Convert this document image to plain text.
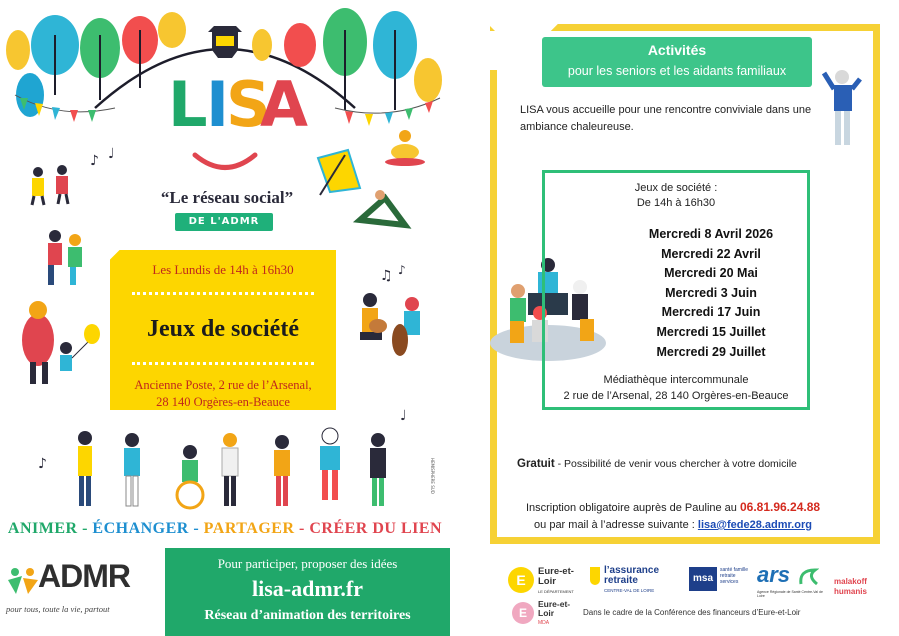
♪ ♩
♫ ♪
♪
♩
L
I
S
A
“Le réseau social”
DE L'ADMR
Les Lundis de 14h à 16h30
Jeux de société
Ancienne Poste, 2 rue de l’Arsenal,
28 140 Orgères-en-Beauce
HEMISPHERE SUD
ANIMER - ÉCHANGER - PARTAGER - CRÉER DU LIEN
ADMR
pour tous, toute la vie, partout
Pour participer, proposer des idées
lisa-admr.fr
Réseau d’animation des territoires
Activités
pour les seniors et les aidants familiaux
LISA vous accueille pour une rencontre conviviale dans une ambiance chaleureuse.
Jeux de société :
De 14h à 16h30
Mercredi 8 Avril 2026
Mercredi 22 Avril
Mercredi 20 Mai
Mercredi 3 Juin
Mercredi 17 Juin
Mercredi 15 Juillet
Mercredi 29 Juillet
Médiathèque intercommunale
2 rue de l’Arsenal, 28 140 Orgères-en-Beauce
Gratuit - Possibilité de venir vous chercher à votre domicile
Inscription obligatoire auprès de Pauline au 06.81.96.24.88
ou par mail à l’adresse suivante : lisa@fede28.admr.org
E
Eure-et-Loir
LE DÉPARTEMENT
l’assurance retraite
CENTRE-VAL DE LOIRE
msa
santé famille retraite services ars
Agence Régionale de Santé Centre-Val de Loire
malakoff
humanis
E
Eure-et-Loir
MDA
Dans le cadre de la Conférence des financeurs d’Eure-et-Loir
